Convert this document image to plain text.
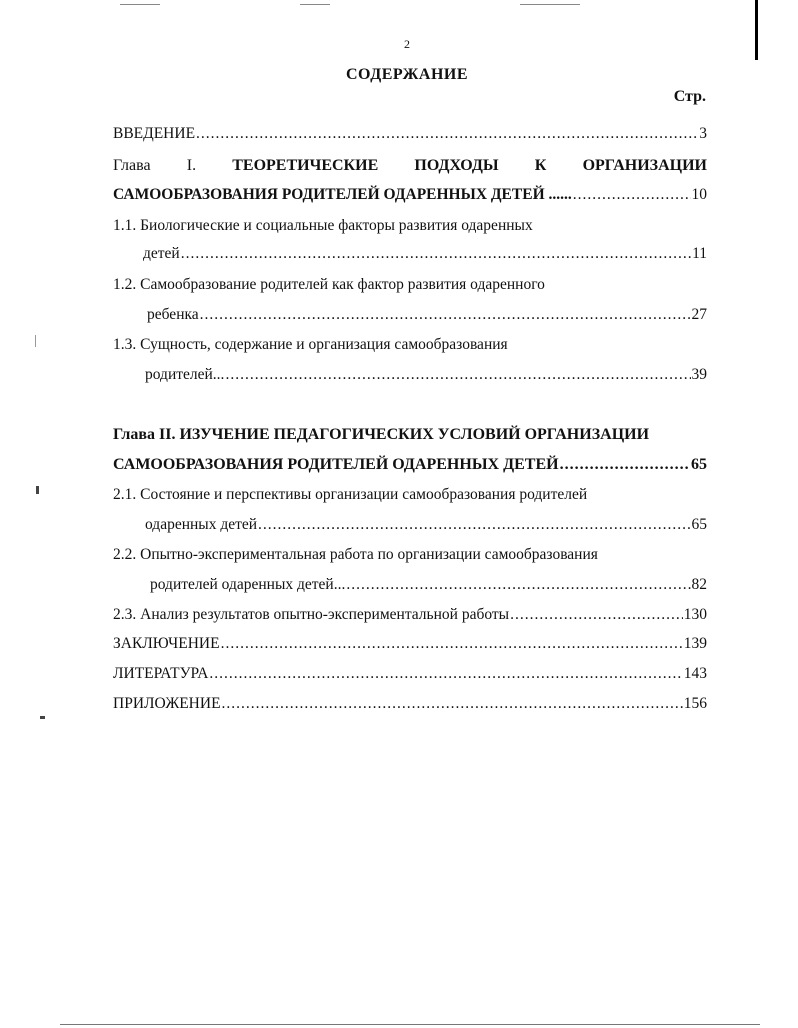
2
СОДЕРЖАНИЕ
Стр.
ВВЕДЕНИЕ .....	3
Глава I. ТЕОРЕТИЧЕСКИЕ ПОДХОДЫ К ОРГАНИЗАЦИИ
САМООБРАЗОВАНИЯ РОДИТЕЛЕЙ ОДАРЕННЫХ ДЕТЕЙ ...... .....	10
1.1. Биологические и социальные факторы развития одаренных
детей .....	11
1.2. Самообразование родителей как фактор развития одаренного
ребенка .....	27
1.3. Сущность, содержание и организация самообразования
родителей... .....	39
Глава II. ИЗУЧЕНИЕ ПЕДАГОГИЧЕСКИХ УСЛОВИЙ ОРГАНИЗАЦИИ
САМООБРАЗОВАНИЯ РОДИТЕЛЕЙ ОДАРЕННЫХ ДЕТЕЙ .....	65
2.1. Состояние и перспективы организации самообразования родителей
одаренных детей .....	65
2.2. Опытно-экспериментальная работа по организации самообразования
родителей одаренных детей... .....	82
2.3. Анализ результатов опытно-экспериментальной работы .....	130
ЗАКЛЮЧЕНИЕ .....	139
ЛИТЕРАТУРА .....	143
ПРИЛОЖЕНИЕ .....	156
